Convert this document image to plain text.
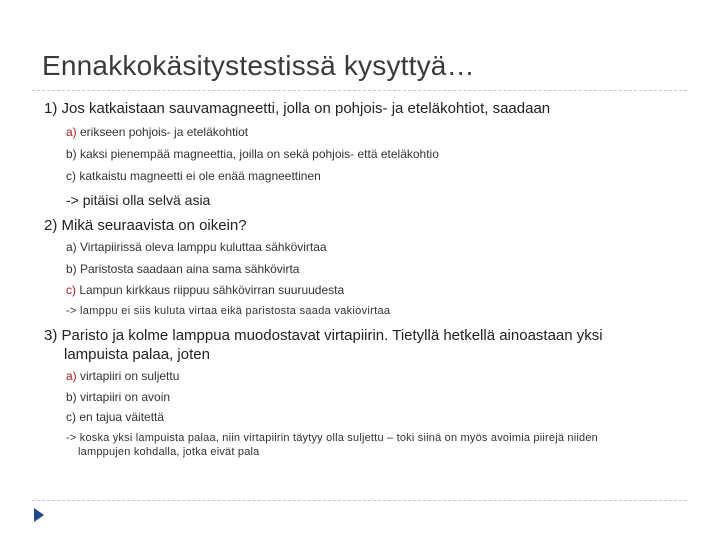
Ennakkokäsitystestissä kysyttyä…
1) Jos katkaistaan sauvamagneetti, jolla on pohjois- ja eteläkohtiot, saadaan
a) erikseen pohjois- ja eteläkohtiot
b) kaksi pienempää magneettia, joilla on sekä pohjois- että eteläkohtio
c) katkaistu magneetti ei ole enää magneettinen
-> pitäisi olla selvä asia
2) Mikä seuraavista on oikein?
a) Virtapiirissä oleva lamppu kuluttaa sähkövirtaa
b) Paristosta saadaan aina sama sähkövirta
c) Lampun kirkkaus riippuu sähkövirran suuruudesta
-> lamppu ei siis kuluta virtaa eikä paristosta saada vakiovirtaa
3) Paristo ja kolme lamppua muodostavat virtapiirin. Tietyllä hetkellä ainoastaan yksi
lampuista palaa, joten
a) virtapiiri on suljettu
b) virtapiiri on avoin
c) en tajua väitettä
-> koska yksi lampuista palaa, niin virtapiirin täytyy olla suljettu – toki siinä on myös avoimia piirejä niiden
lamppujen kohdalla, jotka eivät pala
